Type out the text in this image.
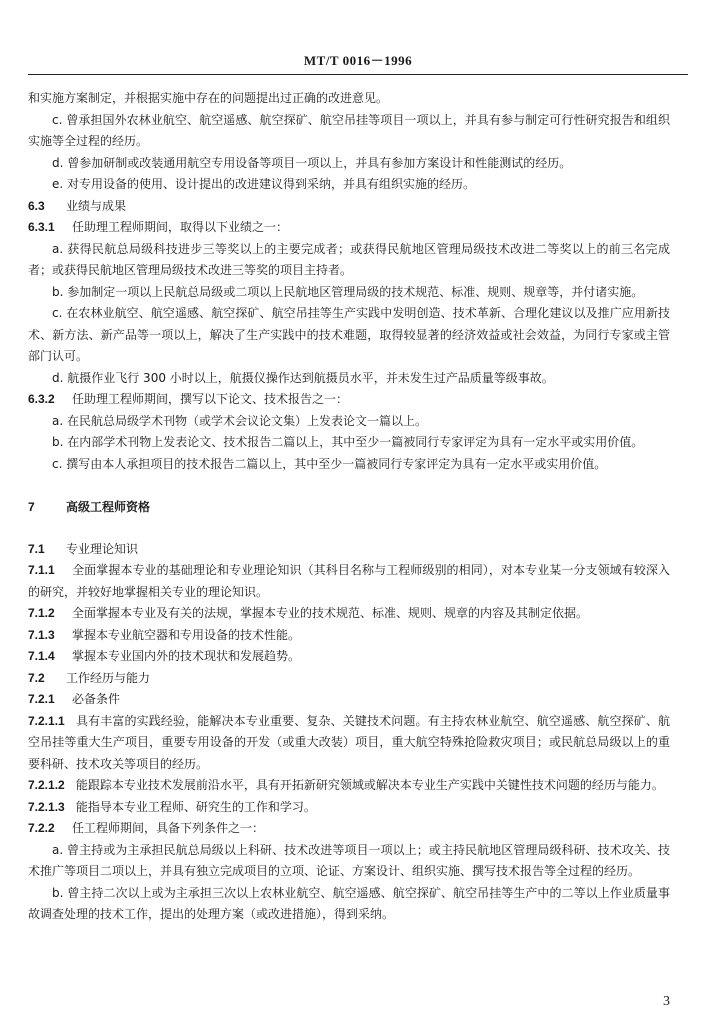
MT/T 0016－1996

和实施方案制定，并根据实施中存在的问题提出过正确的改进意见。

c. 曾承担国外农林业航空、航空遥感、航空探矿、航空吊挂等项目一项以上，并具有参与制定可行性研究报告和组织实施等全过程的经历。

d. 曾参加研制或改装通用航空专用设备等项目一项以上，并具有参加方案设计和性能测试的经历。

e. 对专用设备的使用、设计提出的改进建议得到采纳，并具有组织实施的经历。

6.3 业绩与成果

6.3.1 任助理工程师期间，取得以下业绩之一：

a. 获得民航总局级科技进步三等奖以上的主要完成者；或获得民航地区管理局级技术改进二等奖以上的前三名完成者；或获得民航地区管理局级技术改进三等奖的项目主持者。

b. 参加制定一项以上民航总局级或二项以上民航地区管理局级的技术规范、标准、规则、规章等，并付诸实施。

c. 在农林业航空、航空遥感、航空探矿、航空吊挂等生产实践中发明创造、技术革新、合理化建议以及推广应用新技术、新方法、新产品等一项以上，解决了生产实践中的技术难题，取得较显著的经济效益或社会效益，为同行专家或主管部门认可。

d. 航摄作业飞行 300 小时以上，航摄仪操作达到航摄员水平，并未发生过产品质量等级事故。

6.3.2 任助理工程师期间，撰写以下论文、技术报告之一：

a. 在民航总局级学术刊物（或学术会议论文集）上发表论文一篇以上。

b. 在内部学术刊物上发表论文、技术报告二篇以上，其中至少一篇被同行专家评定为具有一定水平或实用价值。

c. 撰写由本人承担项目的技术报告二篇以上，其中至少一篇被同行专家评定为具有一定水平或实用价值。

7	高级工程师资格

7.1 专业理论知识

7.1.1 全面掌握本专业的基础理论和专业理论知识（其科目名称与工程师级别的相同），对本专业某一分支领域有较深入的研究，并较好地掌握相关专业的理论知识。

7.1.2 全面掌握本专业及有关的法规，掌握本专业的技术规范、标准、规则、规章的内容及其制定依据。

7.1.3 掌握本专业航空器和专用设备的技术性能。

7.1.4 掌握本专业国内外的技术现状和发展趋势。

7.2 工作经历与能力

7.2.1 必备条件

7.2.1.1 具有丰富的实践经验，能解决本专业重要、复杂、关键技术问题。有主持农林业航空、航空遥感、航空探矿、航空吊挂等重大生产项目，重要专用设备的开发（或重大改装）项目，重大航空特殊抢险救灾项目；或民航总局级以上的重要科研、技术攻关等项目的经历。

7.2.1.2 能跟踪本专业技术发展前沿水平，具有开拓新研究领域或解决本专业生产实践中关键性技术问题的经历与能力。

7.2.1.3 能指导本专业工程师、研究生的工作和学习。

7.2.2 任工程师期间，具备下列条件之一：

a. 曾主持或为主承担民航总局级以上科研、技术改进等项目一项以上；或主持民航地区管理局级科研、技术攻关、技术推广等项目二项以上，并具有独立完成项目的立项、论证、方案设计、组织实施、撰写技术报告等全过程的经历。

b. 曾主持二次以上或为主承担三次以上农林业航空、航空遥感、航空探矿、航空吊挂等生产中的二等以上作业质量事故调查处理的技术工作，提出的处理方案（或改进措施），得到采纳。

3
